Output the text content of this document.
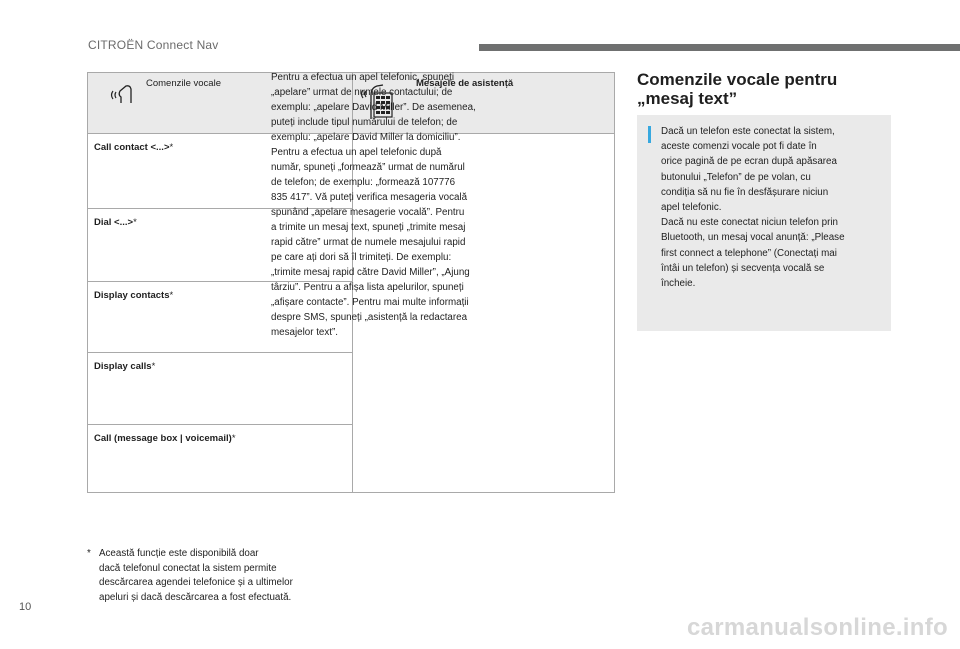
CITROËN Connect Nav
Comenzile vocale	Mesajele de asistență
Call contact <...>*
Dial <...>*
Display contacts*
Display calls*
Call (message box | voicemail)*
Pentru a efectua un apel telefonic, spuneți
„apelare” urmat de numele contactului; de
exemplu: „apelare David Miller”. De asemenea,
puteți include tipul numărului de telefon; de
exemplu: „apelare David Miller la domiciliu”.
Pentru a efectua un apel telefonic după
număr, spuneți „formează” urmat de numărul
de telefon; de exemplu: „formează 107776
835 417”. Vă puteți verifica mesageria vocală
spunând „apelare mesagerie vocală”. Pentru
a trimite un mesaj text, spuneți „trimite mesaj
rapid către” urmat de numele mesajului rapid
pe care ați dori să îl trimiteți. De exemplu:
„trimite mesaj rapid către David Miller”, „Ajung
târziu”. Pentru a afișa lista apelurilor, spuneți
„afișare contacte”. Pentru mai multe informații
despre SMS, spuneți „asistență la redactarea
mesajelor text”.
* Această funcție este disponibilă doar
dacă telefonul conectat la sistem permite
descărcarea agendei telefonice și a ultimelor
apeluri și dacă descărcarea a fost efectuată.
Comenzile vocale pentru
„mesaj text”
Dacă un telefon este conectat la sistem,
aceste comenzi vocale pot fi date în
orice pagină de pe ecran după apăsarea
butonului „Telefon” de pe volan, cu
condiția să nu fie în desfășurare niciun
apel telefonic.
Dacă nu este conectat niciun telefon prin
Bluetooth, un mesaj vocal anunță: „Please
first connect a telephone” (Conectați mai
întâi un telefon) și secvența vocală se
încheie.
10
carmanualsonline.info
